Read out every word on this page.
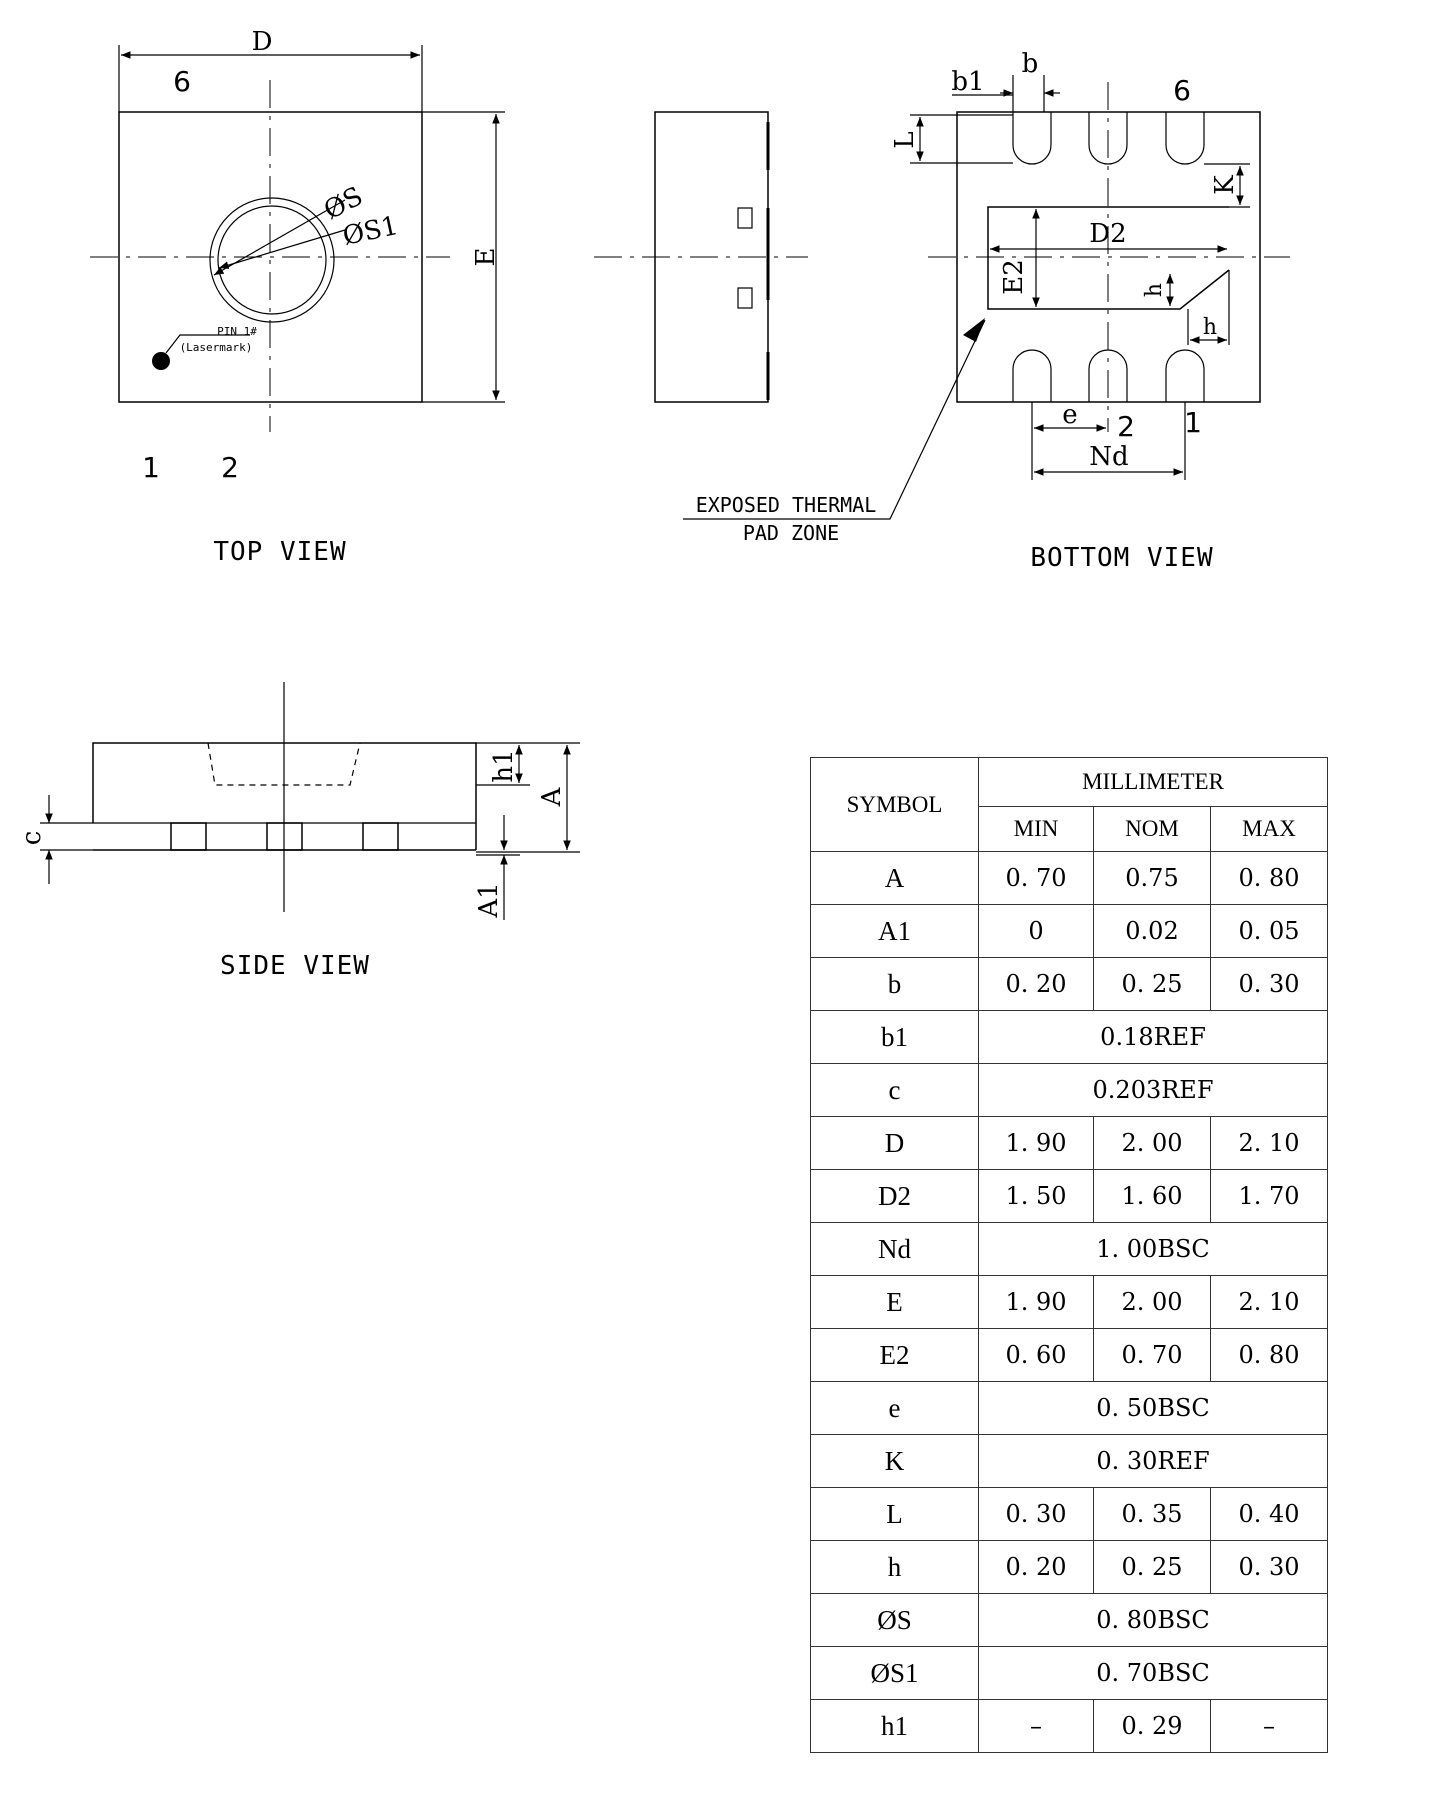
ØS
ØS1
D
E
PIN 1#
(Lasermark)
6
1 2
TOP VIEW
b
b1	6
L
K
D2
E2	h
h
e 2 1
Nd
EXPOSED THERMAL
PAD ZONE
BOTTOM VIEW
h1
A
c
A1
SIDE VIEW
SYMBOL	MILLIMETER		
	MIN	NOM	MAX
A	0. 70	0.75	0. 80
A1	0	0.02	0. 05
b	0. 20	0. 25	0. 30
b1	0.18REF		
c	0.203REF		
D	1. 90	2. 00	2. 10
D2	1. 50	1. 60	1. 70
Nd	1. 00BSC		
E	1. 90	2. 00	2. 10
E2	0. 60	0. 70	0. 80
e	0. 50BSC		
K	0. 30REF		
L	0. 30	0. 35	0. 40
h	0. 20	0. 25	0. 30
ØS	0. 80BSC		
ØS1	0. 70BSC		
h1	–	0. 29	–
